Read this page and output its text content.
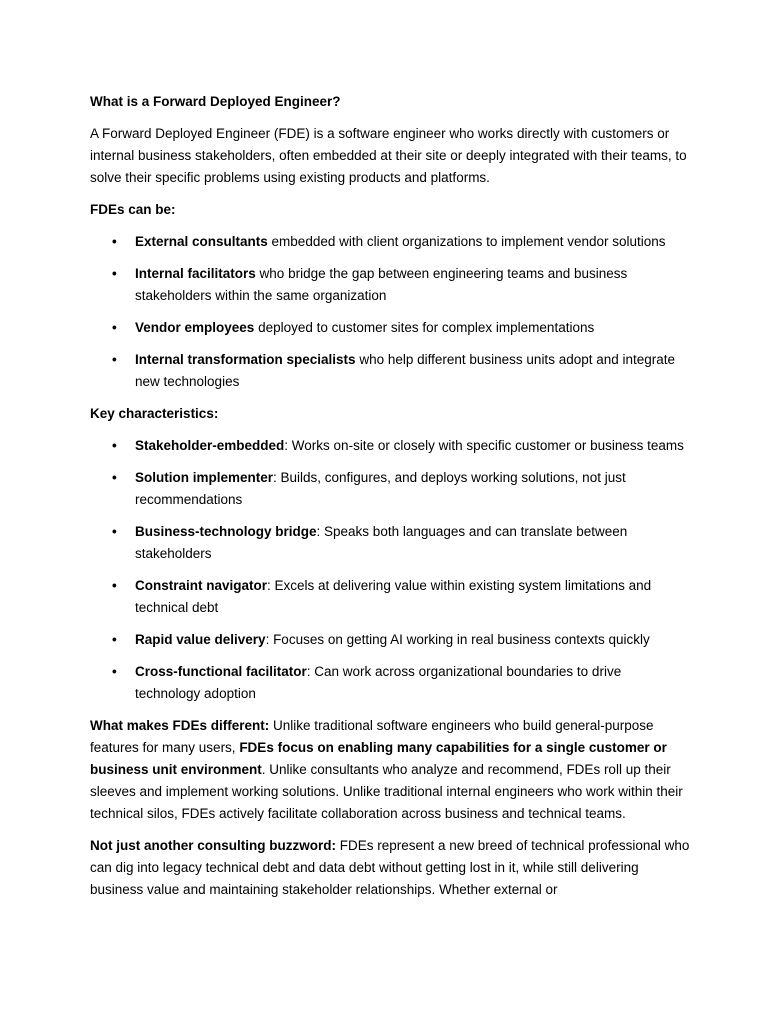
What is a Forward Deployed Engineer?

A Forward Deployed Engineer (FDE) is a software engineer who works directly with customers or internal business stakeholders, often embedded at their site or deeply integrated with their teams, to solve their specific problems using existing products and platforms.

FDEs can be:
• External consultants embedded with client organizations to implement vendor solutions
• Internal facilitators who bridge the gap between engineering teams and business stakeholders within the same organization
• Vendor employees deployed to customer sites for complex implementations
• Internal transformation specialists who help different business units adopt and integrate new technologies
Key characteristics:
• Stakeholder-embedded: Works on-site or closely with specific customer or business teams
• Solution implementer: Builds, configures, and deploys working solutions, not just recommendations
• Business-technology bridge: Speaks both languages and can translate between stakeholders
• Constraint navigator: Excels at delivering value within existing system limitations and technical debt
• Rapid value delivery: Focuses on getting AI working in real business contexts quickly
• Cross-functional facilitator: Can work across organizational boundaries to drive technology adoption

What makes FDEs different: Unlike traditional software engineers who build general-purpose features for many users, FDEs focus on enabling many capabilities for a single customer or business unit environment. Unlike consultants who analyze and recommend, FDEs roll up their sleeves and implement working solutions. Unlike traditional internal engineers who work within their technical silos, FDEs actively facilitate collaboration across business and technical teams.

Not just another consulting buzzword: FDEs represent a new breed of technical professional who can dig into legacy technical debt and data debt without getting lost in it, while still delivering business value and maintaining stakeholder relationships. Whether external or
